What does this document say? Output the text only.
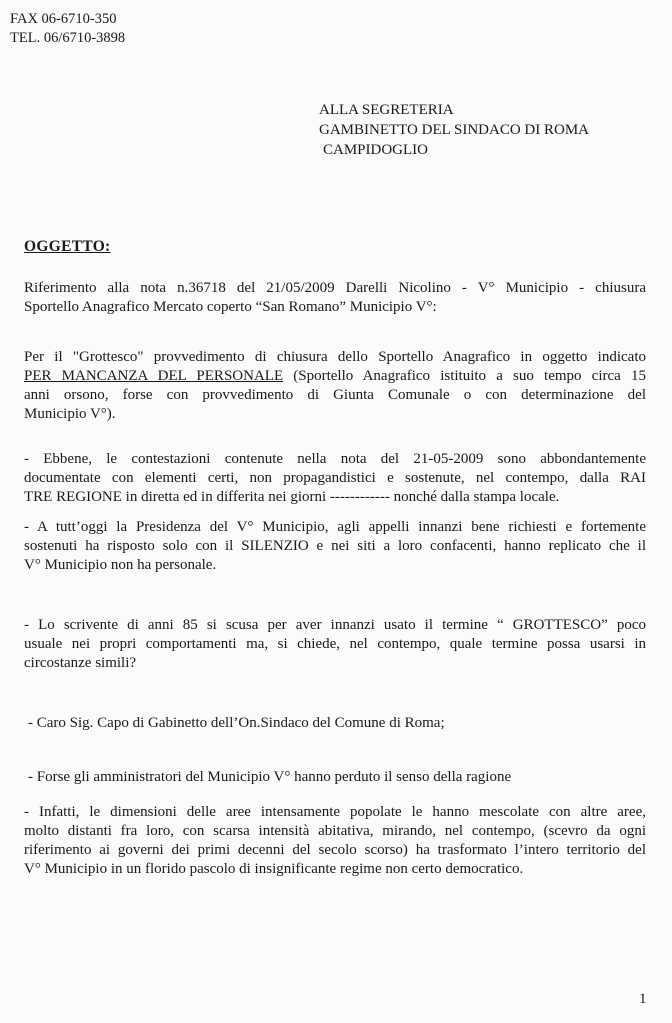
FAX 06-6710-350
TEL. 06/6710-3898
ALLA SEGRETERIA
GAMBINETTO DEL SINDACO DI ROMA
CAMPIDOGLIO
OGGETTO:
Riferimento alla nota n.36718 del 21/05/2009 Darelli Nicolino - V° Municipio - chiusura
Sportello Anagrafico Mercato coperto “San Romano” Municipio V°:
Per il "Grottesco" provvedimento di chiusura dello Sportello Anagrafico in oggetto indicato
PER MANCANZA DEL PERSONALE (Sportello Anagrafico istituito a suo tempo circa 15
anni orsono, forse con provvedimento di Giunta Comunale o con determinazione del
Municipio V°).
- Ebbene, le contestazioni contenute nella nota del 21-05-2009 sono abbondantemente
documentate con elementi certi, non propagandistici e sostenute, nel contempo, dalla RAI
TRE REGIONE in diretta ed in differita nei giorni ------------ nonché dalla stampa locale.
- A tutt’oggi la Presidenza del V° Municipio, agli appelli innanzi bene richiesti e fortemente
sostenuti ha risposto solo con il SILENZIO e nei siti a loro confacenti, hanno replicato che il
V° Municipio non ha personale.
- Lo scrivente di anni 85 si scusa per aver innanzi usato il termine “ GROTTESCO” poco
usuale nei propri comportamenti ma, si chiede, nel contempo, quale termine possa usarsi in
circostanze simili?
- Caro Sig. Capo di Gabinetto dell’On.Sindaco del Comune di Roma;
- Forse gli amministratori del Municipio V° hanno perduto il senso della ragione
- Infatti, le dimensioni delle aree intensamente popolate le hanno mescolate con altre aree,
molto distanti fra loro, con scarsa intensità abitativa, mirando, nel contempo, (scevro da ogni
riferimento ai governi dei primi decenni del secolo scorso) ha trasformato l’intero territorio del
V° Municipio in un florido pascolo di insignificante regime non certo democratico.
1
